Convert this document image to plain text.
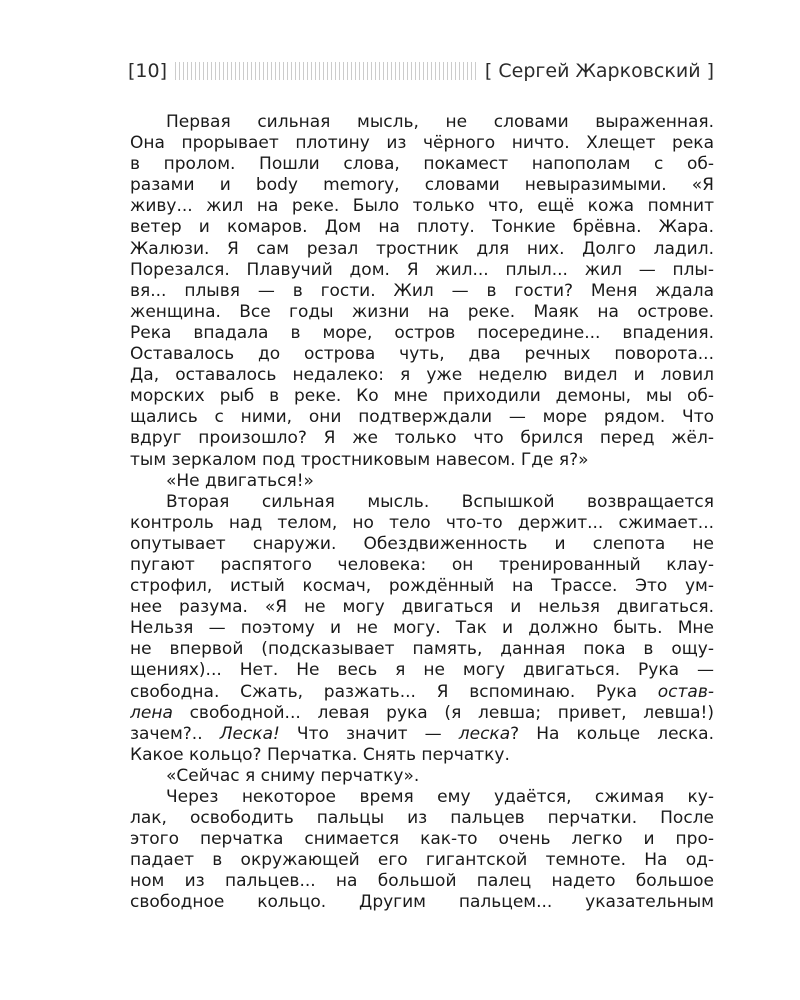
[10]	[ Сергей Жарковский ]
Первая сильная мысль, не словами выраженная.
Она прорывает плотину из чёрного ничто. Хлещет река
в пролом. Пошли слова, покамест напополам с об-
разами и body memory, словами невыразимыми. «Я
живу... жил на реке. Было только что, ещё кожа помнит
ветер и комаров. Дом на плоту. Тонкие брёвна. Жара.
Жалюзи. Я сам резал тростник для них. Долго ладил.
Порезался. Плавучий дом. Я жил... плыл... жил — плы-
вя... плывя — в гости. Жил — в гости? Меня ждала
женщина. Все годы жизни на реке. Маяк на острове.
Река впадала в море, остров посередине... впадения.
Оставалось до острова чуть, два речных поворота...
Да, оставалось недалеко: я уже неделю видел и ловил
морских рыб в реке. Ко мне приходили демоны, мы об-
щались с ними, они подтверждали — море рядом. Что
вдруг произошло? Я же только что брился перед жёл-
тым зеркалом под тростниковым навесом. Где я?»
«Не двигаться!»
Вторая сильная мысль. Вспышкой возвращается
контроль над телом, но тело что-то держит... сжимает...
опутывает снаружи. Обездвиженность и слепота не
пугают распятого человека: он тренированный клау-
строфил, истый космач, рождённый на Трассе. Это ум-
нее разума. «Я не могу двигаться и нельзя двигаться.
Нельзя — поэтому и не могу. Так и должно быть. Мне
не впервой (подсказывает память, данная пока в ощу-
щениях)... Нет. Не весь я не могу двигаться. Рука —
свободна. Сжать, разжать... Я вспоминаю. Рука остав-
лена свободной... левая рука (я левша; привет, левша!)
зачем?.. Леска! Что значит — леска? На кольце леска.
Какое кольцо? Перчатка. Снять перчатку.
«Сейчас я сниму перчатку».
Через некоторое время ему удаётся, сжимая ку-
лак, освободить пальцы из пальцев перчатки. После
этого перчатка снимается как-то очень легко и про-
падает в окружающей его гигантской темноте. На од-
ном из пальцев... на большой палец надето большое
свободное кольцо. Другим пальцем... указательным
